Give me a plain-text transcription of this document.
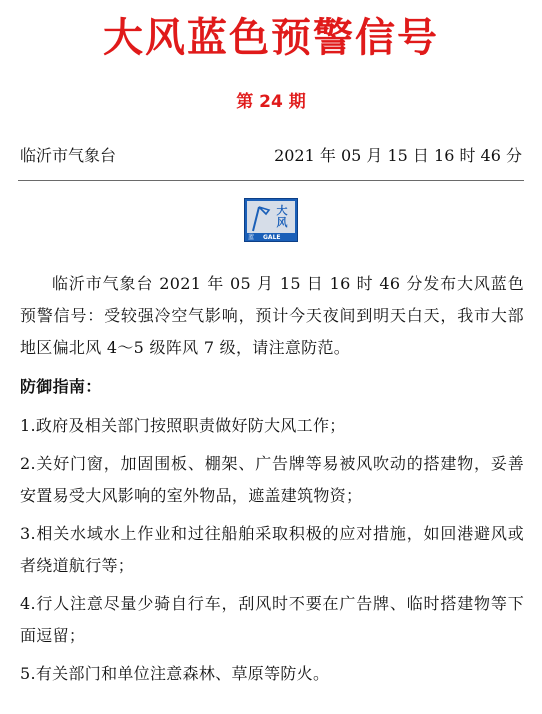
大风蓝色预警信号
第 24 期
临沂市气象台	2021 年 05 月 15 日 16 时 46 分
大
风
蓝 GALE

临沂市气象台 2021 年 05 月 15 日 16 时 46 分发布大风蓝色预警信号：受较强冷空气影响，预计今天夜间到明天白天，我市大部地区偏北风 4～5 级阵风 7 级，请注意防范。

防御指南：

1.政府及相关部门按照职责做好防大风工作；

2.关好门窗，加固围板、棚架、广告牌等易被风吹动的搭建物，妥善安置易受大风影响的室外物品，遮盖建筑物资；

3.相关水域水上作业和过往船舶采取积极的应对措施，如回港避风或者绕道航行等；

4.行人注意尽量少骑自行车，刮风时不要在广告牌、临时搭建物等下面逗留；

5.有关部门和单位注意森林、草原等防火。
